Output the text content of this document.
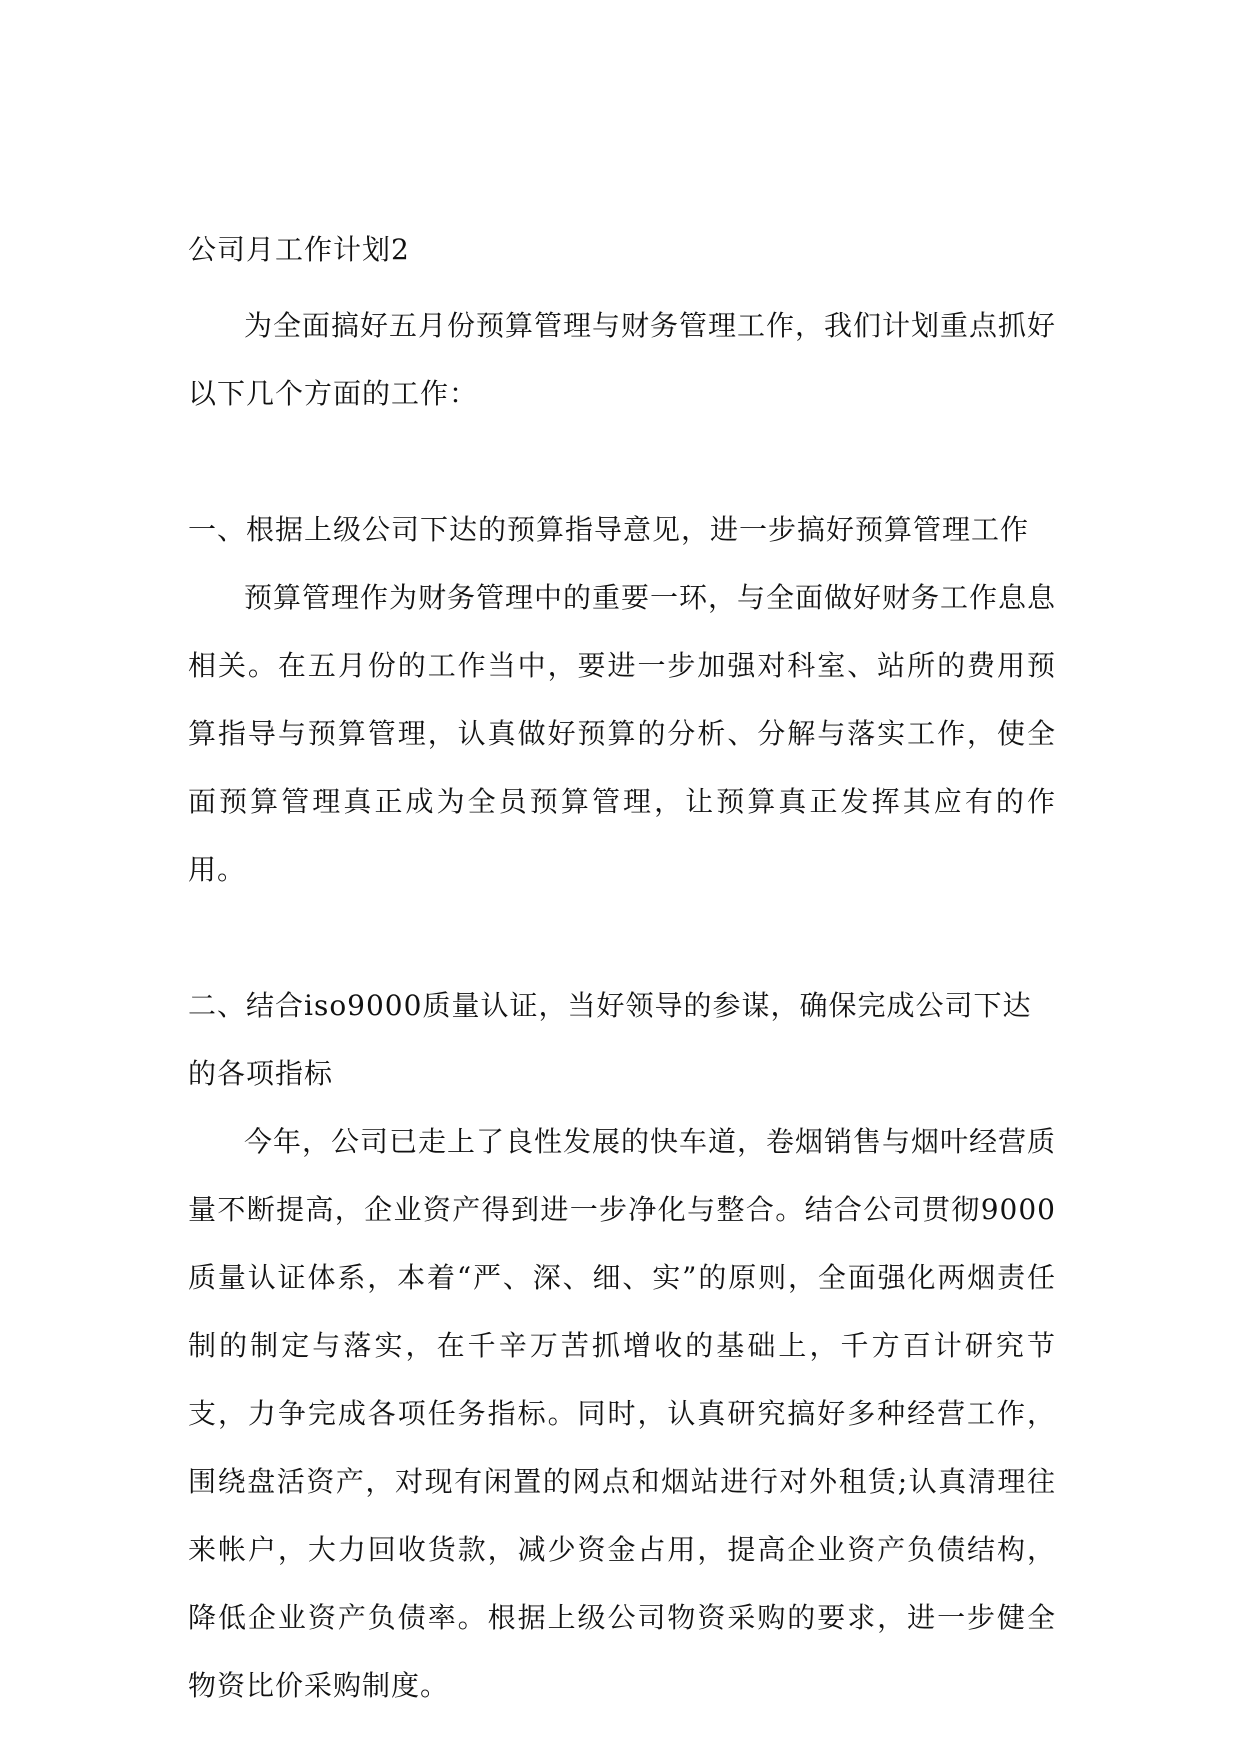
公司月工作计划2

为全面搞好五月份预算管理与财务管理工作，我们计划重点抓好以下几个方面的工作：

一、根据上级公司下达的预算指导意见，进一步搞好预算管理工作

预算管理作为财务管理中的重要一环，与全面做好财务工作息息相关。在五月份的工作当中，要进一步加强对科室、站所的费用预算指导与预算管理，认真做好预算的分析、分解与落实工作，使全面预算管理真正成为全员预算管理，让预算真正发挥其应有的作用。

二、结合iso9000质量认证，当好领导的参谋，确保完成公司下达的各项指标

今年，公司已走上了良性发展的快车道，卷烟销售与烟叶经营质量不断提高，企业资产得到进一步净化与整合。结合公司贯彻9000质量认证体系，本着“严、深、细、实”的原则，全面强化两烟责任制的制定与落实，在千辛万苦抓增收的基础上，千方百计研究节支，力争完成各项任务指标。同时，认真研究搞好多种经营工作，围绕盘活资产，对现有闲置的网点和烟站进行对外租赁;认真清理往来帐户，大力回收货款，减少资金占用，提高企业资产负债结构，降低企业资产负债率。根据上级公司物资采购的要求，进一步健全物资比价采购制度。
